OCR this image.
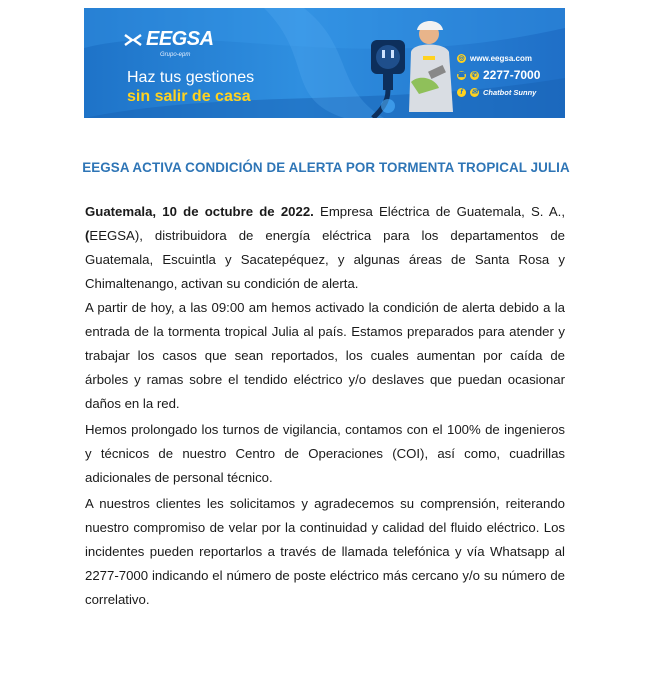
EEGSA
Grupo-epm
Haz tus gestiones
sin salir de casa
◎ www.eegsa.com
☎ ✆ 2277-7000
f	✉ Chatbot Sunny
EEGSA ACTIVA CONDICIÓN DE ALERTA POR TORMENTA TROPICAL JULIA

Guatemala, 10 de octubre de 2022. Empresa Eléctrica de Guatemala, S. A., (EEGSA), distribuidora de energía eléctrica para los departamentos de Guatemala, Escuintla y Sacatepéquez, y algunas áreas de Santa Rosa y Chimaltenango, activan su condición de alerta.

A partir de hoy, a las 09:00 am hemos activado la condición de alerta debido a la entrada de la tormenta tropical Julia al país. Estamos preparados para atender y trabajar los casos que sean reportados, los cuales aumentan por caída de árboles y ramas sobre el tendido eléctrico y/o deslaves que puedan ocasionar daños en la red.

Hemos prolongado los turnos de vigilancia, contamos con el 100% de ingenieros y técnicos de nuestro Centro de Operaciones (COI), así como, cuadrillas adicionales de personal técnico.

A nuestros clientes les solicitamos y agradecemos su comprensión, reiterando nuestro compromiso de velar por la continuidad y calidad del fluido eléctrico. Los incidentes pueden reportarlos a través de llamada telefónica y vía Whatsapp al 2277-7000 indicando el número de poste eléctrico más cercano y/o su número de correlativo.
